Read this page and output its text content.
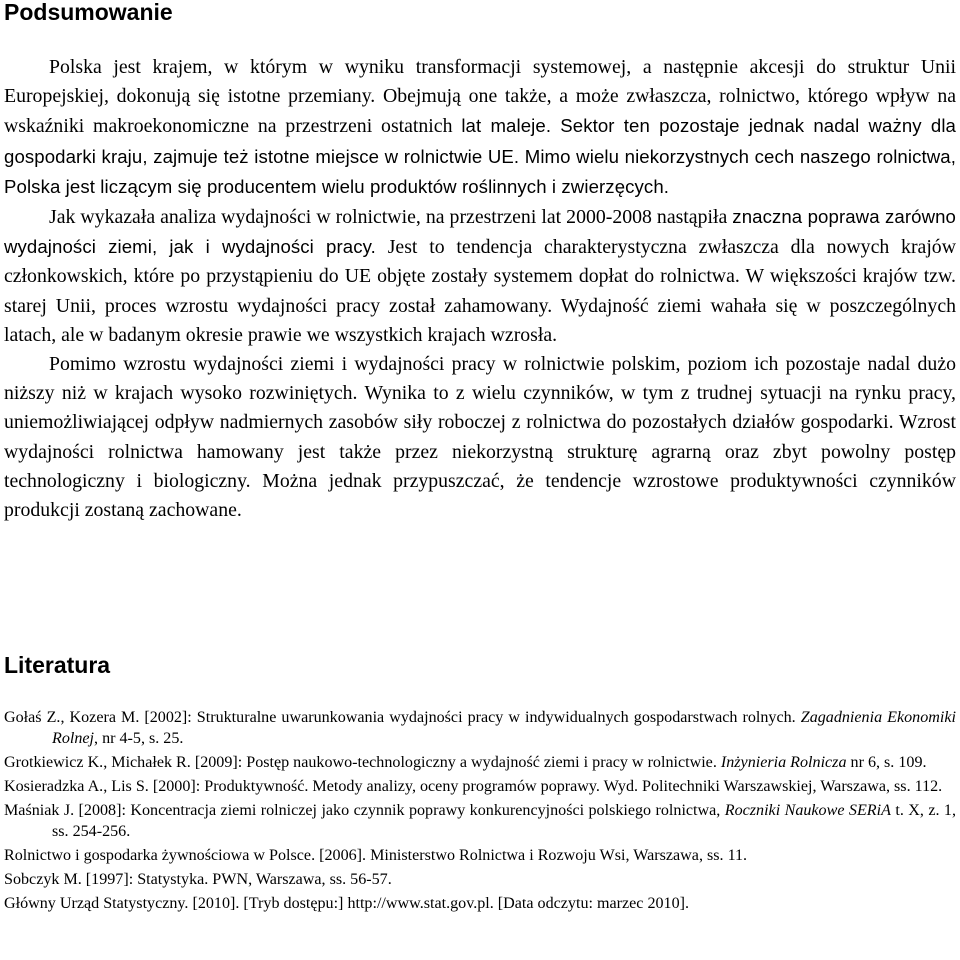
Podsumowanie

Polska jest krajem, w którym w wyniku transformacji systemowej, a następnie akcesji do struktur Unii Europejskiej, dokonują się istotne przemiany. Obejmują one także, a może zwłaszcza, rolnictwo, którego wpływ na wskaźniki makroekonomiczne na przestrzeni ostatnich lat maleje. Sektor ten pozostaje jednak nadal ważny dla gospodarki kraju, zajmuje też istotne miejsce w rolnictwie UE. Mimo wielu niekorzystnych cech naszego rolnictwa, Polska jest liczącym się producentem wielu produktów roślinnych i zwierzęcych.

Jak wykazała analiza wydajności w rolnictwie, na przestrzeni lat 2000-2008 nastąpiła znaczna poprawa zarówno wydajności ziemi, jak i wydajności pracy. Jest to tendencja charakterystyczna zwłaszcza dla nowych krajów członkowskich, które po przystąpieniu do UE objęte zostały systemem dopłat do rolnictwa. W większości krajów tzw. starej Unii, proces wzrostu wydajności pracy został zahamowany. Wydajność ziemi wahała się w poszczególnych latach, ale w badanym okresie prawie we wszystkich krajach wzrosła.

Pomimo wzrostu wydajności ziemi i wydajności pracy w rolnictwie polskim, poziom ich pozostaje nadal dużo niższy niż w krajach wysoko rozwiniętych. Wynika to z wielu czynników, w tym z trudnej sytuacji na rynku pracy, uniemożliwiającej odpływ nadmiernych zasobów siły roboczej z rolnictwa do pozostałych działów gospodarki. Wzrost wydajności rolnictwa hamowany jest także przez niekorzystną strukturę agrarną oraz zbyt powolny postęp technologiczny i biologiczny. Można jednak przypuszczać, że tendencje wzrostowe produktywności czynników produkcji zostaną zachowane.

Literatura

Gołaś Z., Kozera M. [2002]: Strukturalne uwarunkowania wydajności pracy w indywidualnych gospodarstwach rolnych. Zagadnienia Ekonomiki Rolnej, nr 4-5, s. 25.

Grotkiewicz K., Michałek R. [2009]: Postęp naukowo-technologiczny a wydajność ziemi i pracy w rolnictwie. Inżynieria Rolnicza nr 6, s. 109.

Kosieradzka A., Lis S. [2000]: Produktywność. Metody analizy, oceny programów poprawy. Wyd. Politechniki Warszawskiej, Warszawa, ss. 112.

Maśniak J. [2008]: Koncentracja ziemi rolniczej jako czynnik poprawy konkurencyjności polskiego rolnictwa, Roczniki Naukowe SERiA t. X, z. 1, ss. 254-256.

Rolnictwo i gospodarka żywnościowa w Polsce. [2006]. Ministerstwo Rolnictwa i Rozwoju Wsi, Warszawa, ss. 11.

Sobczyk M. [1997]: Statystyka. PWN, Warszawa, ss. 56-57.

Główny Urząd Statystyczny. [2010]. [Tryb dostępu:] http://www.stat.gov.pl. [Data odczytu: marzec 2010].
